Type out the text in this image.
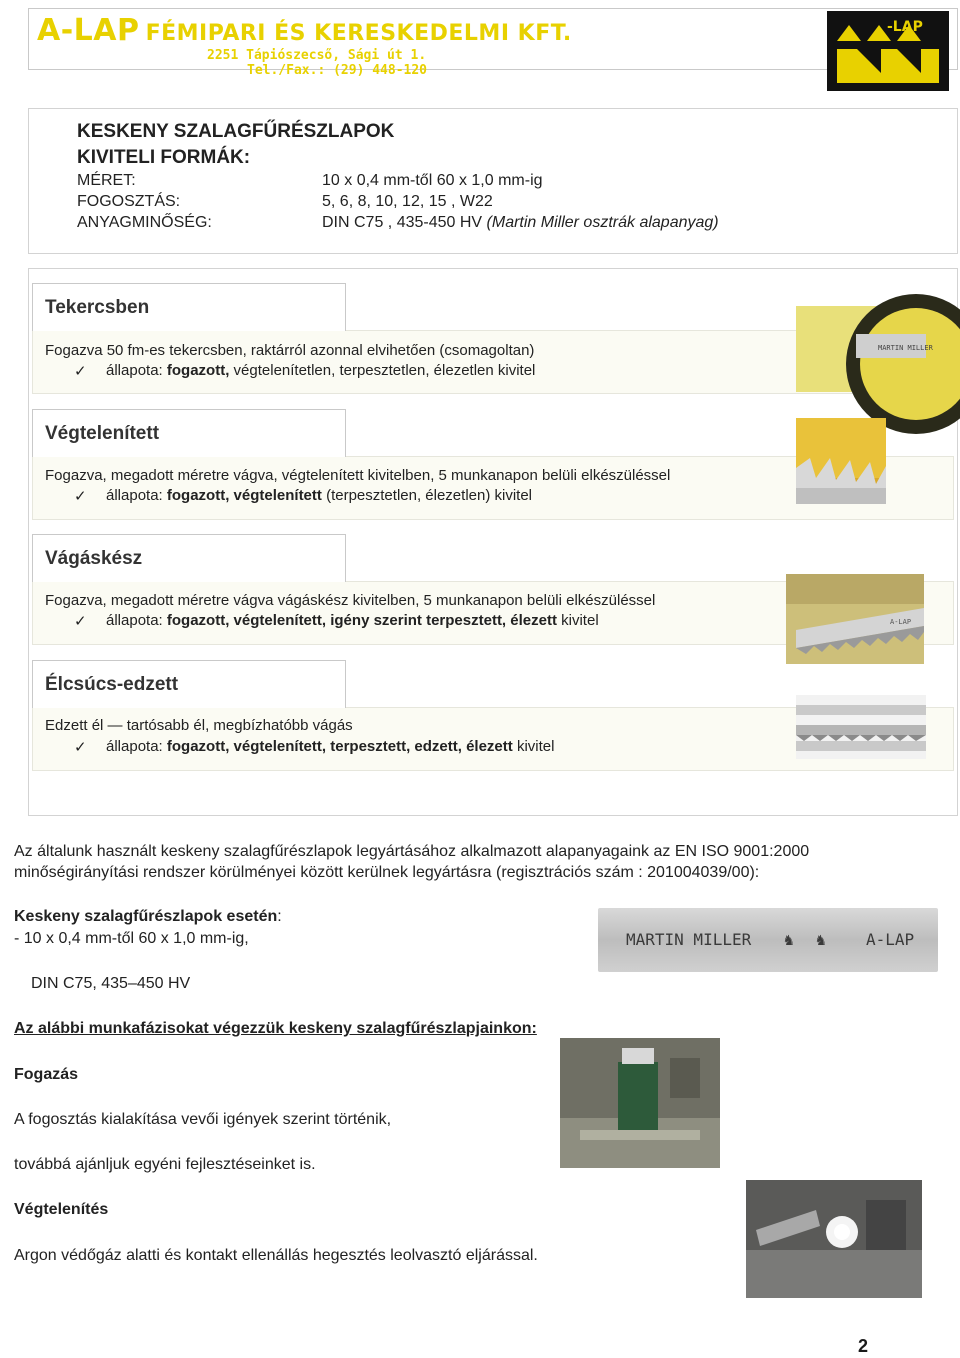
A-LAP FÉMIPARI ÉS KERESKEDELMI KFT.
2251 Tápiószecső, Sági út 1.
Tel./Fax.: (29) 448-120
-LAP
KESKENY SZALAGFŰRÉSZLAPOK
KIVITELI FORMÁK:
MÉRET:	10 x 0,4 mm-től 60 x 1,0 mm-ig
FOGOSZTÁS:	5, 6, 8, 10, 12, 15 , W22
ANYAGMINŐSÉG:	DIN C75 , 435-450 HV (Martin Miller osztrák alapanyag)
Tekercsben
Fogazva 50 fm-es tekercsben, raktárról azonnal elvihetően (csomagoltan)
✓ állapota: fogazott, végtelenítetlen, terpesztetlen, élezetlen kivitel
Végtelenített
Fogazva, megadott méretre vágva, végtelenített kivitelben, 5 munkanapon belüli elkészüléssel
✓ állapota: fogazott, végtelenített (terpesztetlen, élezetlen) kivitel
Vágáskész
Fogazva, megadott méretre vágva vágáskész kivitelben, 5 munkanapon belüli elkészüléssel
✓ állapota: fogazott, végtelenített, igény szerint terpesztett, élezett kivitel
Élcsúcs-edzett
Edzett él — tartósabb él, megbízhatóbb vágás
✓ állapota: fogazott, végtelenített, terpesztett, edzett, élezett kivitel
MARTIN MILLER
A-LAP
Az általunk használt keskeny szalagfűrészlapok legyártásához alkalmazott alapanyagaink az EN ISO 9001:2000
minőségirányítási rendszer körülményei között kerülnek legyártásra (regisztrációs szám : 201004039/00):
Keskeny szalagfűrészlapok esetén:
- 10 x 0,4 mm-től 60 x 1,0 mm-ig,
DIN C75, 435–450 HV
MARTIN MILLER ♞ ♞	A-LAP
Az alábbi munkafázisokat végezzük keskeny szalagfűrészlapjainkon:
Fogazás
A fogosztás kialakítása vevői igények szerint történik,
továbbá ajánljuk egyéni fejlesztéseinket is.
Végtelenítés
Argon védőgáz alatti és kontakt ellenállás hegesztés leolvasztó eljárással.
2
